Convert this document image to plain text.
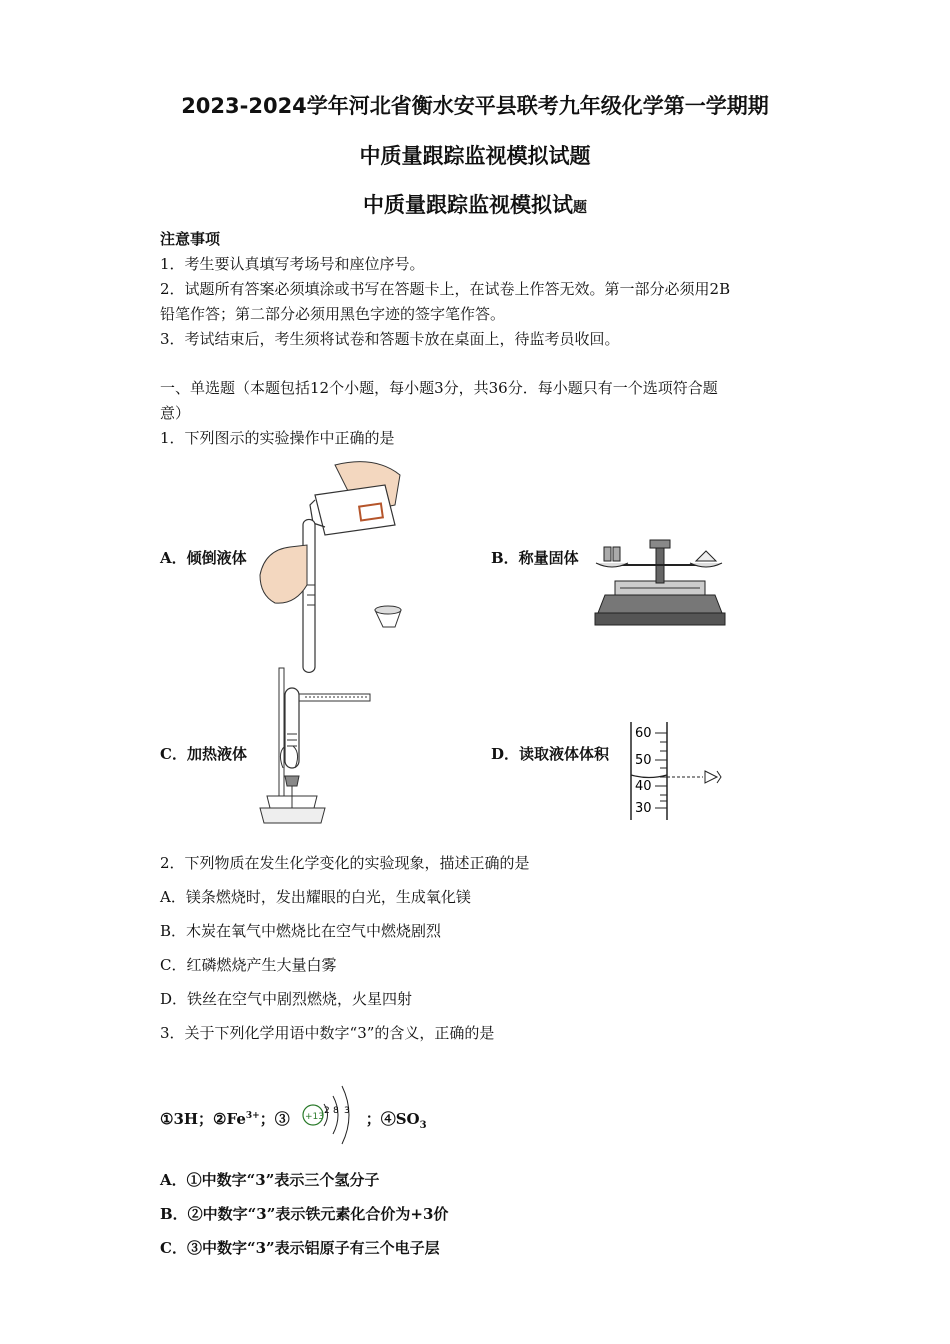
2023-2024学年河北省衡水安平县联考九年级化学第一学期期
中质量跟踪监视模拟试题
中质量跟踪监视模拟试题
注意事项
1．考生要认真填写考场号和座位序号。
2．试题所有答案必须填涂或书写在答题卡上，在试卷上作答无效。第一部分必须用2B
铅笔作答；第二部分必须用黑色字迹的签字笔作答。
3．考试结束后，考生须将试卷和答题卡放在桌面上，待监考员收回。
一、单选题（本题包括12个小题，每小题3分，共36分．每小题只有一个选项符合题
意）
1．下列图示的实验操作中正确的是
A．倾倒液体	B．称量固体
C．加热液体	D．读取液体体积
60
50
40
30
2．下列物质在发生化学变化的实验现象，描述正确的是
A．镁条燃烧时，发出耀眼的白光，生成氧化镁
B．木炭在氧气中燃烧比在空气中燃烧剧烈
C．红磷燃烧产生大量白雾
D．铁丝在空气中剧烈燃烧，火星四射
3．关于下列化学用语中数字“3”的含义，正确的是
①3H；$②Fe^{3+}$；③	；$④SO_3$
+13
2 8 3
A．①中数字“3”表示三个氢分子
B．②中数字“3”表示铁元素化合价为+3价
C．③中数字“3”表示铝原子有三个电子层
